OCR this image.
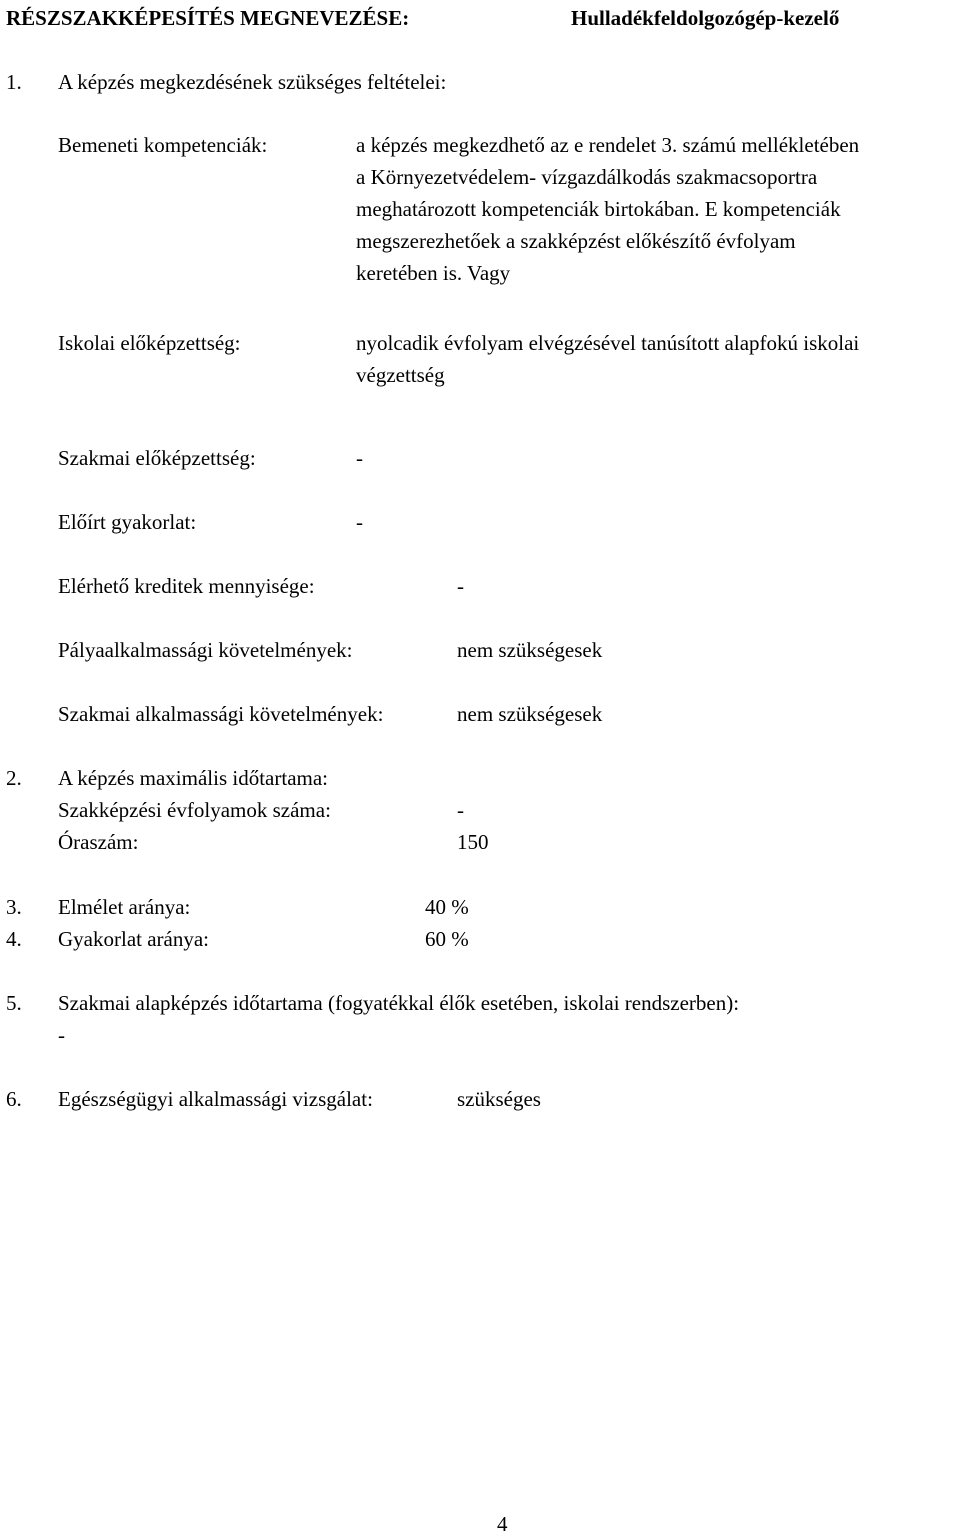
RÉSZSZAKKÉPESÍTÉS MEGNEVEZÉSE:	Hulladékfeldolgozógép-kezelő
1. A képzés megkezdésének szükséges feltételei:
Bemeneti kompetenciák:	a képzés megkezdhető az e rendelet 3. számú mellékletében
a Környezetvédelem- vízgazdálkodás szakmacsoportra
meghatározott kompetenciák birtokában. E kompetenciák
megszerezhetőek a szakképzést előkészítő évfolyam
keretében is. Vagy
Iskolai előképzettség:	nyolcadik évfolyam elvégzésével tanúsított alapfokú iskolai
végzettség
Szakmai előképzettség:	-
Előírt gyakorlat:	-
Elérhető kreditek mennyisége:	-
Pályaalkalmassági követelmények:	nem szükségesek
Szakmai alkalmassági követelmények:	nem szükségesek
2. A képzés maximális időtartama:
Szakképzési évfolyamok száma:	-
Óraszám:	150
3. Elmélet aránya:	40 %
4. Gyakorlat aránya:	60 %
5. Szakmai alapképzés időtartama (fogyatékkal élők esetében, iskolai rendszerben):
-
6. Egészségügyi alkalmassági vizsgálat:	szükséges
4
